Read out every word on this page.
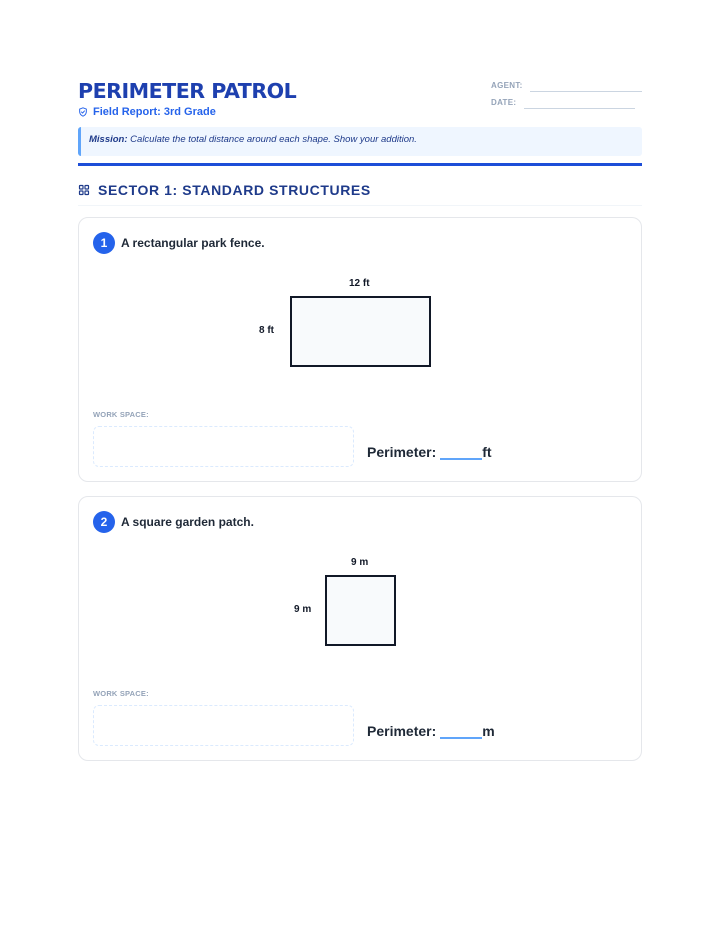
PERIMETER PATROL
Field Report: 3rd Grade
AGENT:
DATE:
Mission: Calculate the total distance around each shape. Show your addition.
SECTOR 1: STANDARD STRUCTURES
1	A rectangular park fence.
12 ft
8 ft
WORK SPACE:
Perimeter:	ft
2	A square garden patch.
9 m
9 m
WORK SPACE:
Perimeter:	m
